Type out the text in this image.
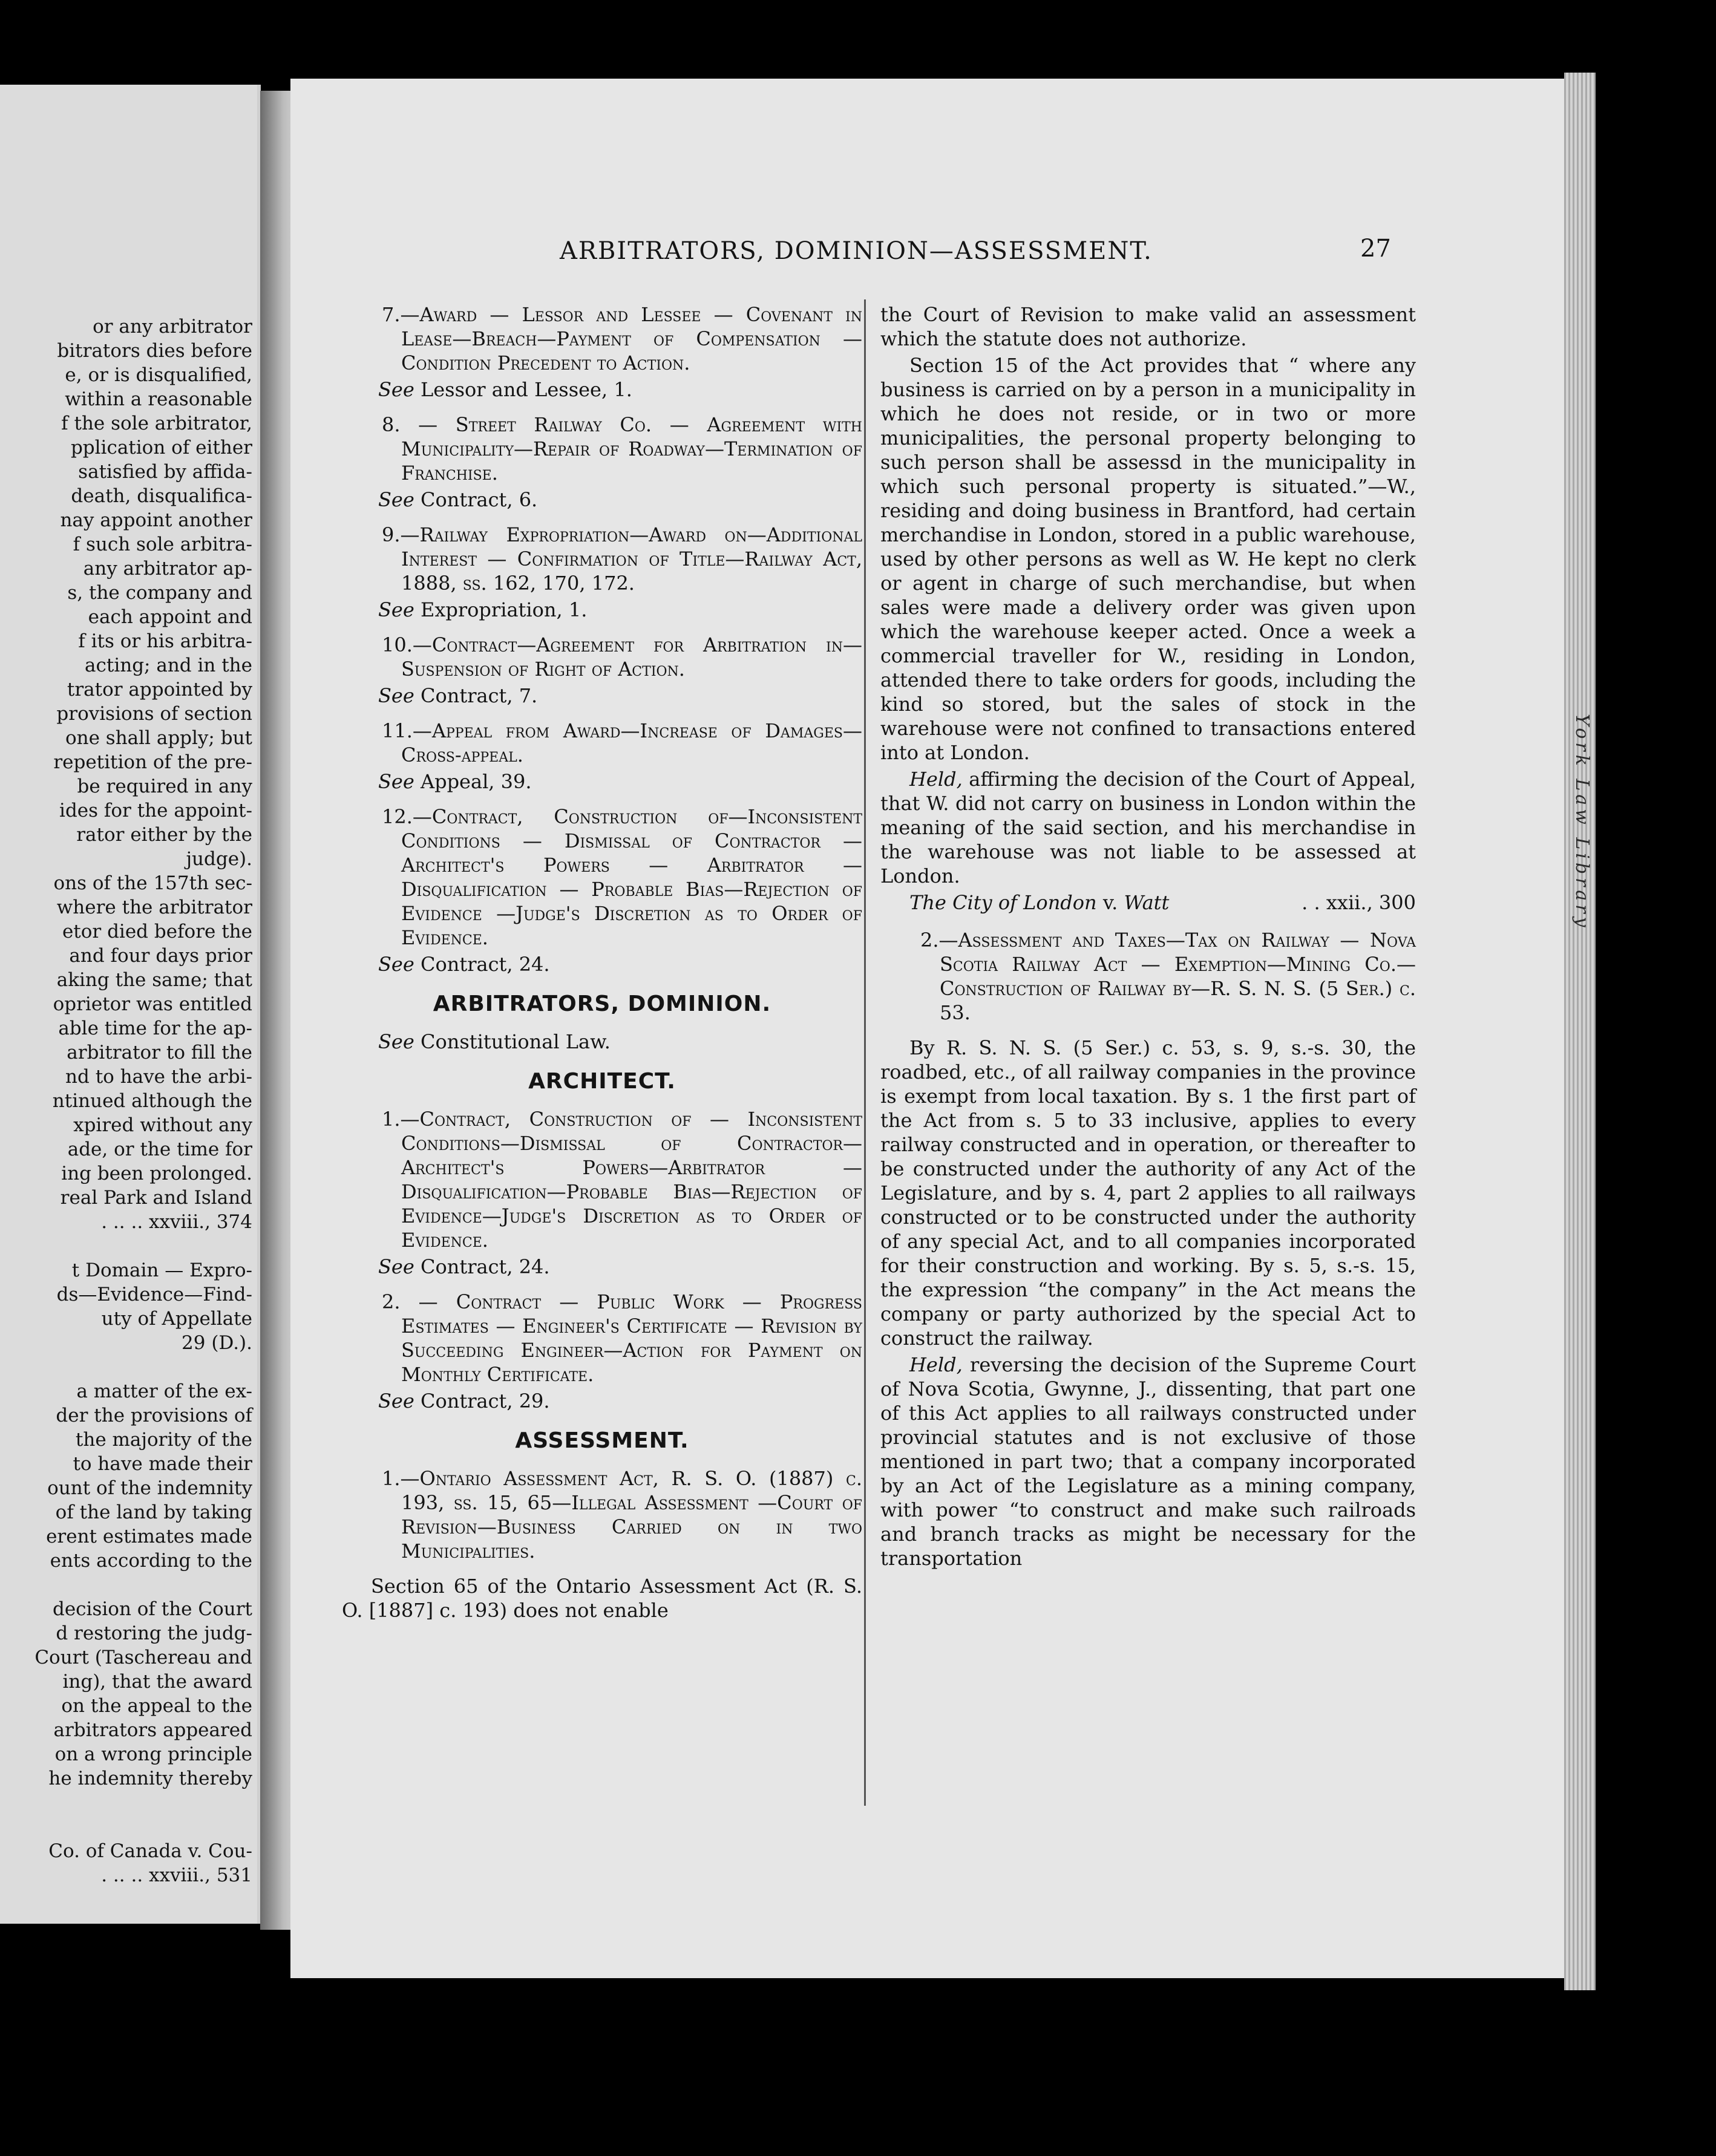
or any arbitrator
bitrators dies before
e, or is disqualified,
within a reasonable
f the sole arbitrator,
pplication of either
satisfied by affida-
death, disqualifica-
nay appoint another
f such sole arbitra-
any arbitrator ap-
s, the company and
each appoint and
f its or his arbitra-
acting; and in the
trator appointed by
provisions of section
one shall apply; but
repetition of the pre-
be required in any
ides for the appoint-
rator either by the
judge).
ons of the 157th sec-
where the arbitrator
etor died before the
and four days prior
aking the same; that
oprietor was entitled
able time for the ap-
arbitrator to fill the
nd to have the arbi-
ntinued although the
xpired without any
ade, or the time for
ing been prolonged.
real Park and Island
. .. .. xxviii., 374
t Domain — Expro-
ds—Evidence—Find-
uty of Appellate
29 (D.).
a matter of the ex-
der the provisions of
the majority of the
to have made their
ount of the indemnity
of the land by taking
erent estimates made
ents according to the
decision of the Court
d restoring the judg-
Court (Taschereau and
ing), that the award
on the appeal to the
arbitrators appeared
on a wrong principle
he indemnity thereby
Co. of Canada v. Cou-
. .. .. xxviii., 531
York Law Library
ARBITRATORS, DOMINION—ASSESSMENT.	27
7.—Award — Lessor and Lessee — Covenant in Lease—Breach—Payment of Compensation — Condition Precedent to Action.
See Lessor and Lessee, 1.
8. — Street Railway Co. — Agreement with Municipality—Repair of Roadway—Termination of Franchise.
See Contract, 6.
9.—Railway Expropriation—Award on—Additional Interest — Confirmation of Title—Railway Act, 1888, ss. 162, 170, 172.
See Expropriation, 1.
10.—Contract—Agreement for Arbitration in—Suspension of Right of Action.
See Contract, 7.
11.—Appeal from Award—Increase of Damages—Cross-appeal.
See Appeal, 39.
12.—Contract, Construction of—Inconsistent Conditions — Dismissal of Contractor — Architect's Powers — Arbitrator — Disqualification — Probable Bias—Rejection of Evidence —Judge's Discretion as to Order of Evidence.
See Contract, 24.
ARBITRATORS, DOMINION.
See Constitutional Law.
ARCHITECT.
1.—Contract, Construction of — Inconsistent Conditions—Dismissal of Contractor—Architect's Powers—Arbitrator — Disqualification—Probable Bias—Rejection of Evidence—Judge's Discretion as to Order of Evidence.
See Contract, 24.
2. — Contract — Public Work — Progress Estimates — Engineer's Certificate — Revision by Succeeding Engineer—Action for Payment on Monthly Certificate.
See Contract, 29.
ASSESSMENT.
1.—Ontario Assessment Act, R. S. O. (1887) c. 193, ss. 15, 65—Illegal Assessment —Court of Revision—Business Carried on in two Municipalities.
Section 65 of the Ontario Assessment Act (R. S. O. [1887] c. 193) does not enable
the Court of Revision to make valid an assessment which the statute does not authorize.
Section 15 of the Act provides that “ where any business is carried on by a person in a municipality in which he does not reside, or in two or more municipalities, the personal property belonging to such person shall be assessd in the municipality in which such personal property is situated.”—W., residing and doing business in Brantford, had certain merchandise in London, stored in a public warehouse, used by other persons as well as W. He kept no clerk or agent in charge of such merchandise, but when sales were made a delivery order was given upon which the warehouse keeper acted. Once a week a commercial traveller for W., residing in London, attended there to take orders for goods, including the kind so stored, but the sales of stock in the warehouse were not confined to transactions entered into at London.
Held, affirming the decision of the Court of Appeal, that W. did not carry on business in London within the meaning of the said section, and his merchandise in the warehouse was not liable to be assessed at London.
The City of London v. Watt	. . xxii., 300
2.—Assessment and Taxes—Tax on Railway — Nova Scotia Railway Act — Exemption—Mining Co.—Construction of Railway by—R. S. N. S. (5 Ser.) c. 53.
By R. S. N. S. (5 Ser.) c. 53, s. 9, s.-s. 30, the roadbed, etc., of all railway companies in the province is exempt from local taxation. By s. 1 the first part of the Act from s. 5 to 33 inclusive, applies to every railway constructed and in operation, or thereafter to be constructed under the authority of any Act of the Legislature, and by s. 4, part 2 applies to all railways constructed or to be constructed under the authority of any special Act, and to all companies incorporated for their construction and working. By s. 5, s.-s. 15, the expression “the company” in the Act means the company or party authorized by the special Act to construct the railway.
Held, reversing the decision of the Supreme Court of Nova Scotia, Gwynne, J., dissenting, that part one of this Act applies to all railways constructed under provincial statutes and is not exclusive of those mentioned in part two; that a company incorporated by an Act of the Legislature as a mining company, with power “to construct and make such railroads and branch tracks as might be necessary for the transportation
